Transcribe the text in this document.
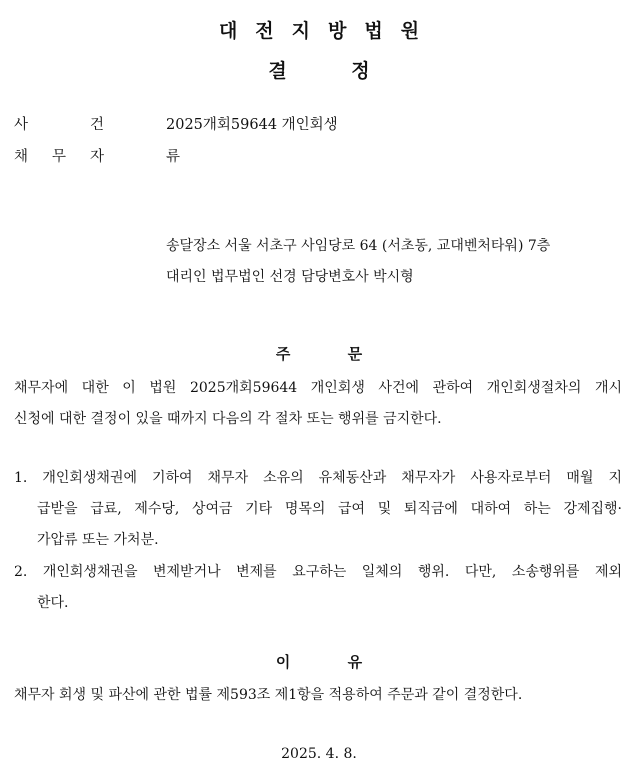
대전지방법원
결 정
사	건	2025개회59644 개인회생
채 무 자	류
송달장소 서울 서초구 사임당로 64 (서초동, 교대벤처타워) 7층
대리인 법무법인 선경 담당변호사 박시형
주 문
채무자에 대한 이 법원 2025개회59644 개인회생 사건에 관하여 개인회생절차의 개시
신청에 대한 결정이 있을 때까지 다음의 각 절차 또는 행위를 금지한다.
1. 개인회생채권에 기하여 채무자 소유의 유체동산과 채무자가 사용자로부터 매월 지
급받을 급료, 제수당, 상여금 기타 명목의 급여 및 퇴직금에 대하여 하는 강제집행·
가압류 또는 가처분.
2. 개인회생채권을 변제받거나 변제를 요구하는 일체의 행위. 다만, 소송행위를 제외
한다.
이 유
채무자 회생 및 파산에 관한 법률 제593조 제1항을 적용하여 주문과 같이 결정한다.
2025. 4. 8.
